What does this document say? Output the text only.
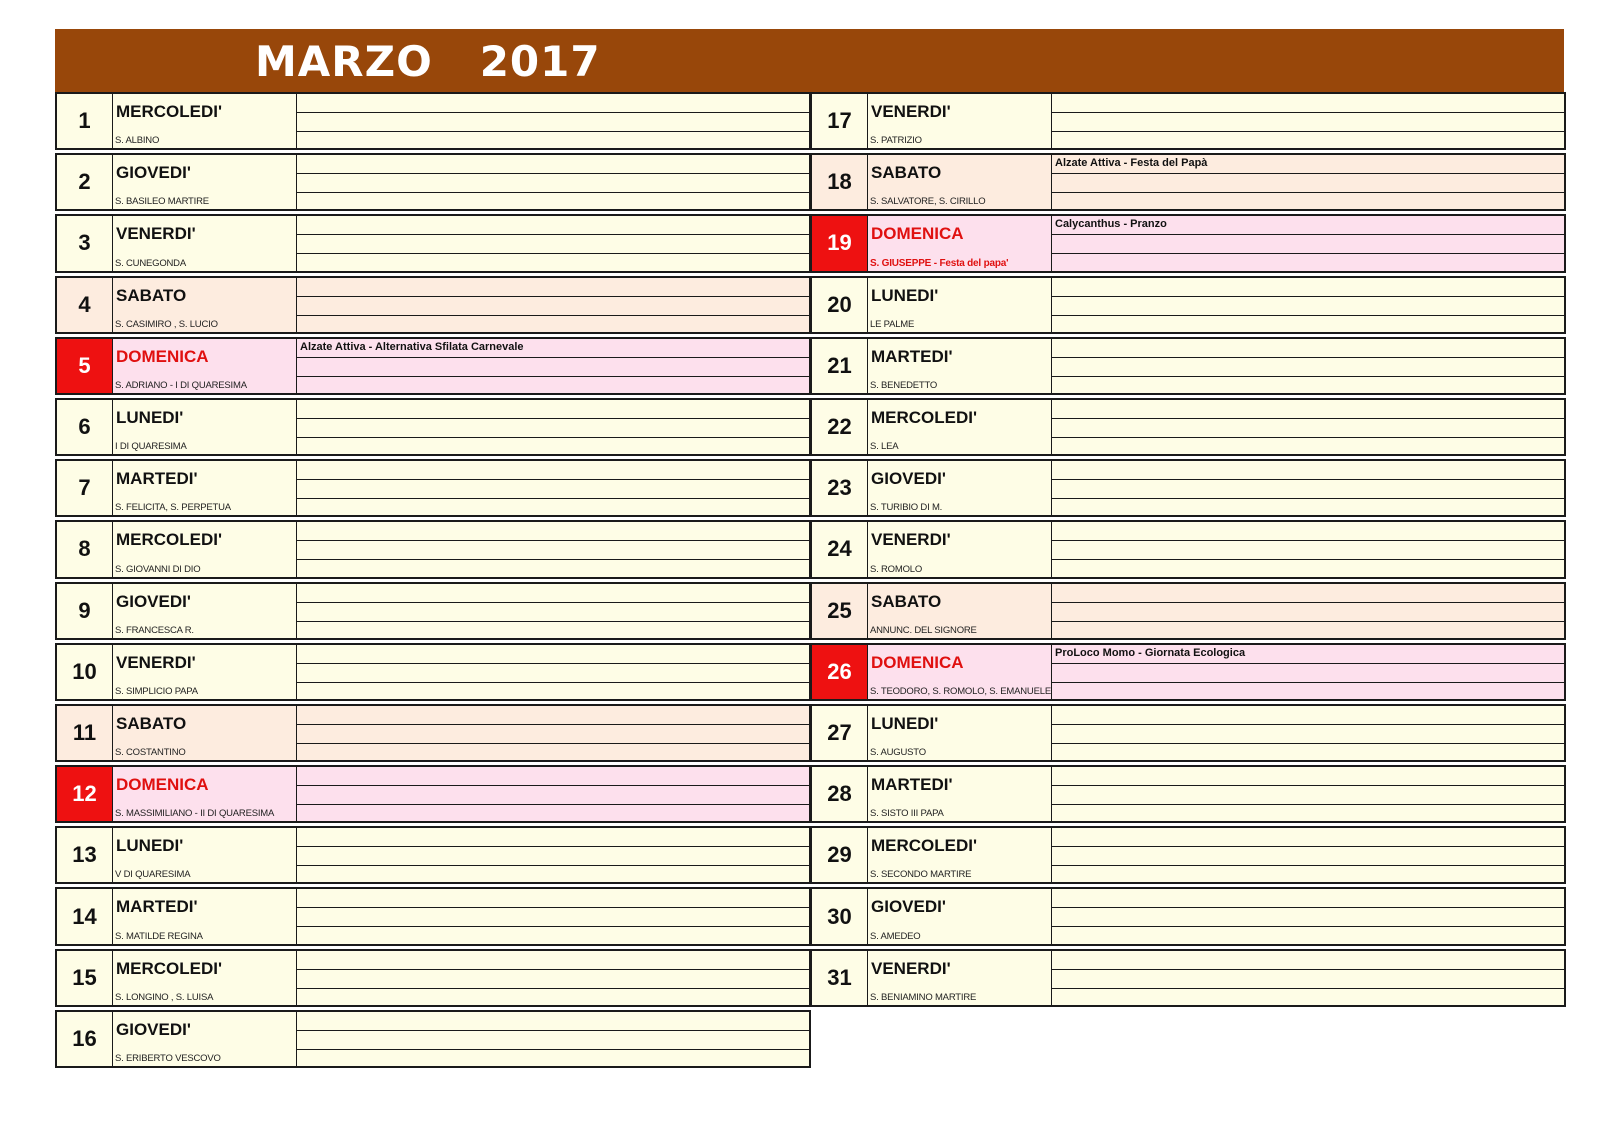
MARZO 2017
1	MERCOLEDI'
S. ALBINO
2	GIOVEDI'
S. BASILEO MARTIRE
3	VENERDI'
S. CUNEGONDA
4	SABATO
S. CASIMIRO , S. LUCIO
5	DOMENICA
S. ADRIANO - I DI QUARESIMA
Alzate Attiva - Alternativa Sfilata Carnevale
6	LUNEDI'
I DI QUARESIMA
7	MARTEDI'
S. FELICITA, S. PERPETUA
8	MERCOLEDI'
S. GIOVANNI DI DIO
9	GIOVEDI'
S. FRANCESCA R.
10	VENERDI'
S. SIMPLICIO PAPA
11	SABATO
S. COSTANTINO
12	DOMENICA
S. MASSIMILIANO - II DI QUARESIMA
13	LUNEDI'
V DI QUARESIMA
14	MARTEDI'
S. MATILDE REGINA
15	MERCOLEDI'
S. LONGINO , S. LUISA
16	GIOVEDI'
S. ERIBERTO VESCOVO
17	VENERDI'
S. PATRIZIO
18	SABATO
S. SALVATORE, S. CIRILLO
Alzate Attiva - Festa del Papà
19	DOMENICA
S. GIUSEPPE - Festa del papa'
Calycanthus - Pranzo
20	LUNEDI'
LE PALME
21	MARTEDI'
S. BENEDETTO
22	MERCOLEDI'
S. LEA
23	GIOVEDI'
S. TURIBIO DI M.
24	VENERDI'
S. ROMOLO
25	SABATO
ANNUNC. DEL SIGNORE
26	DOMENICA
S. TEODORO, S. ROMOLO, S. EMANUELE
ProLoco Momo - Giornata Ecologica
27	LUNEDI'
S. AUGUSTO
28	MARTEDI'
S. SISTO III PAPA
29	MERCOLEDI'
S. SECONDO MARTIRE
30	GIOVEDI'
S. AMEDEO
31	VENERDI'
S. BENIAMINO MARTIRE
